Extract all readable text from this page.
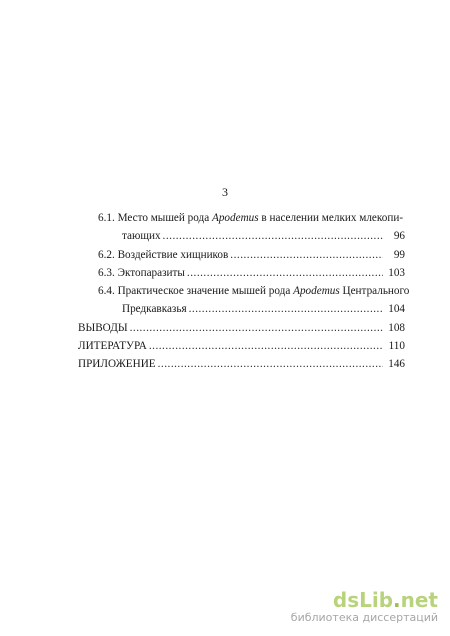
3
6.1. Место мышей рода Apodemus в населении мелких млекопи-
тающих .....	96
6.2. Воздействие хищников .....	99
6.3. Эктопаразиты .....	103
6.4. Практическое значение мышей рода Apodemus Центрального
Предкавказья .....	104
ВЫВОДЫ .....	108
ЛИТЕРАТУРА .....	110
ПРИЛОЖЕНИЕ .....	146
dsLib.net
библиотека диссертаций
